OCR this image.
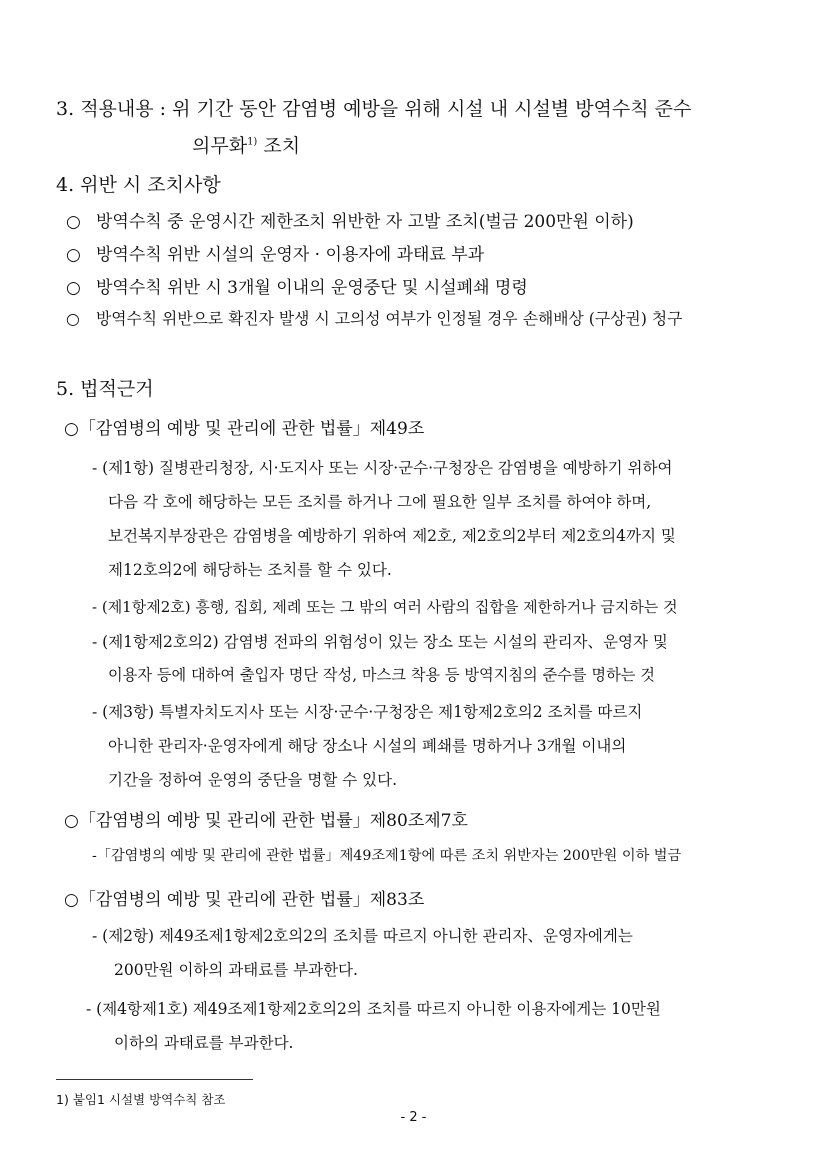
3. 적용내용 : 위 기간 동안 감염병 예방을 위해 시설 내 시설별 방역수칙 준수
의무화$^{1)}$ 조치
4. 위반 시 조치사항
○ 방역수칙 중 운영시간 제한조치 위반한 자 고발 조치(벌금 200만원 이하)
○ 방역수칙 위반 시설의 운영자 · 이용자에 과태료 부과
○ 방역수칙 위반 시 3개월 이내의 운영중단 및 시설폐쇄 명령
○ 방역수칙 위반으로 확진자 발생 시 고의성 여부가 인정될 경우 손해배상 (구상권) 청구
5. 법적근거
○「감염병의 예방 및 관리에 관한 법률」제49조
- (제1항) 질병관리청장, 시·도지사 또는 시장·군수·구청장은 감염병을 예방하기 위하여
다음 각 호에 해당하는 모든 조치를 하거나 그에 필요한 일부 조치를 하여야 하며,
보건복지부장관은 감염병을 예방하기 위하여 제2호, 제2호의2부터 제2호의4까지 및
제12호의2에 해당하는 조치를 할 수 있다.
- (제1항제2호) 흥행, 집회, 제례 또는 그 밖의 여러 사람의 집합을 제한하거나 금지하는 것
- (제1항제2호의2) 감염병 전파의 위험성이 있는 장소 또는 시설의 관리자、운영자 및
이용자 등에 대하여 출입자 명단 작성, 마스크 착용 등 방역지침의 준수를 명하는 것
- (제3항) 특별자치도지사 또는 시장·군수·구청장은 제1항제2호의2 조치를 따르지
아니한 관리자·운영자에게 해당 장소나 시설의 폐쇄를 명하거나 3개월 이내의
기간을 정하여 운영의 중단을 명할 수 있다.
○「감염병의 예방 및 관리에 관한 법률」제80조제7호
-「감염병의 예방 및 관리에 관한 법률」제49조제1항에 따른 조치 위반자는 200만원 이하 벌금
○「감염병의 예방 및 관리에 관한 법률」제83조
- (제2항) 제49조제1항제2호의2의 조치를 따르지 아니한 관리자、운영자에게는
200만원 이하의 과태료를 부과한다.
- (제4항제1호) 제49조제1항제2호의2의 조치를 따르지 아니한 이용자에게는 10만원
이하의 과태료를 부과한다.
1) 붙임1 시설별 방역수칙 참조
- 2 -
